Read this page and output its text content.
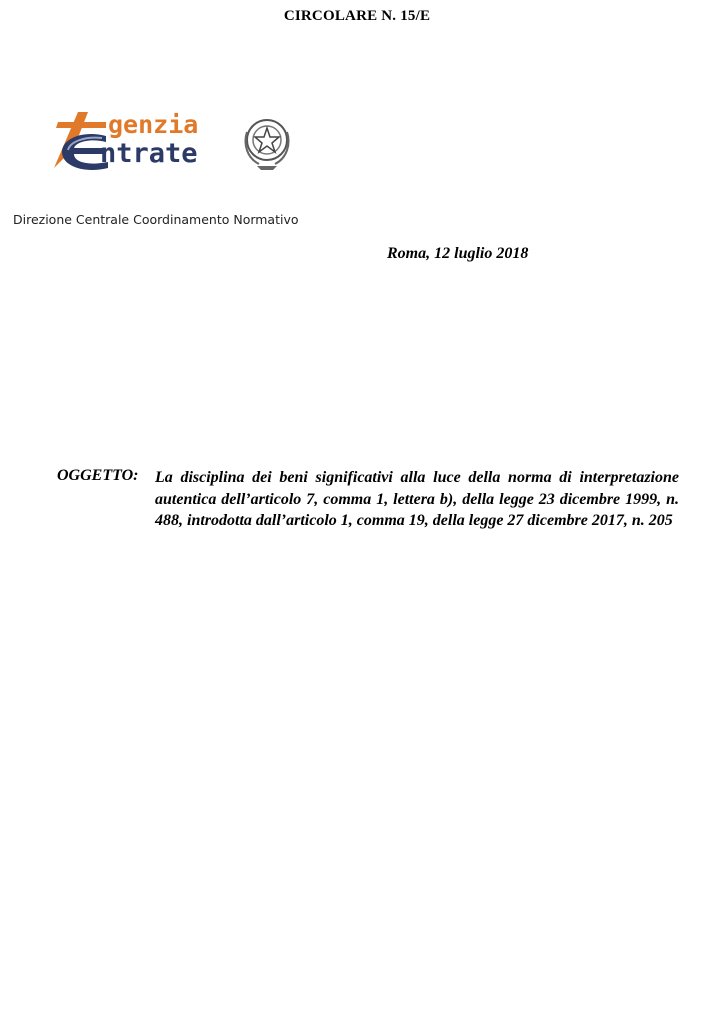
CIRCOLARE N. 15/E
genzia
ntrate
Direzione Centrale Coordinamento Normativo
Roma, 12 luglio 2018
OGGETTO: La disciplina dei beni significativi alla luce della norma di interpretazione autentica dell’articolo 7, comma 1, lettera b), della legge 23 dicembre 1999, n. 488, introdotta dall’articolo 1, comma 19, della legge 27 dicembre 2017, n. 205
